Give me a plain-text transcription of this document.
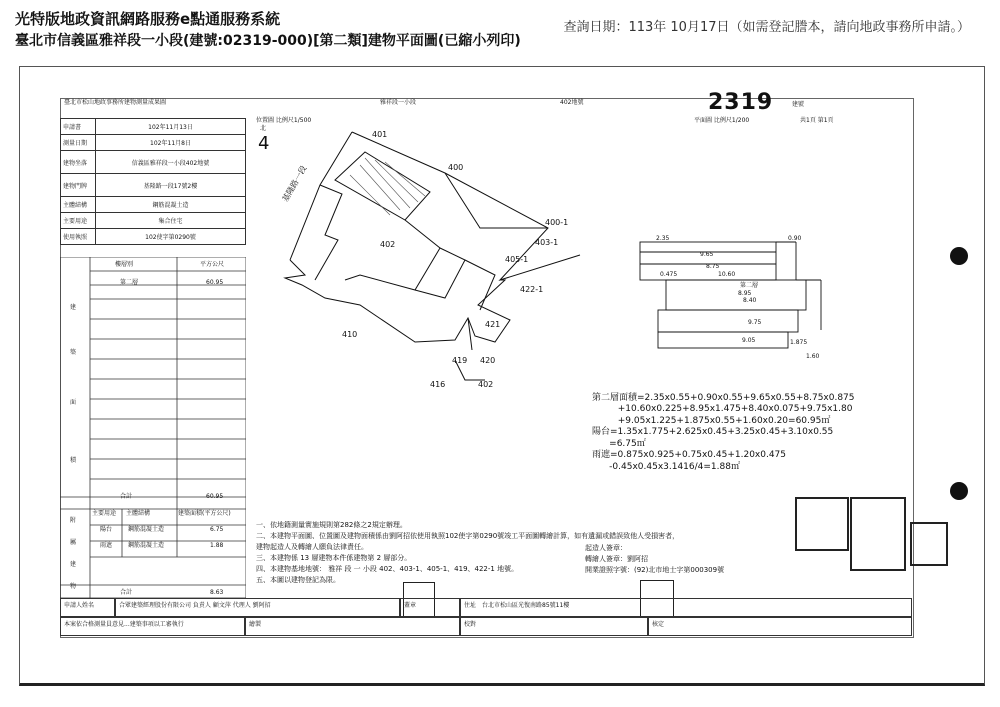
光特版地政資訊網路服務e點通服務系統
臺北市信義區雅祥段一小段(建號:02319-000)[第二類]建物平面圖(已縮小列印)
查詢日期：113年 10月17日（如需登記謄本，請向地政事務所申請。）
臺北市松山地政事務所建物測量成果圖	雅祥段一小段	402地號	2319	建號
位置圖 比例尺1/500	平面圖 比例尺1/200	共1頁 第1頁
北
4
申請書	102年11月13日
測量日期	102年11月8日
建物坐落	信義區雅祥段一小段402地號
建物門牌	基隆路一段17號2樓
主體結構	鋼筋混凝土造
主要用途	集合住宅
使用執照	102使字第0290號
樓層別	平方公尺
第二層	60.95
合計	60.95
主要用途 主體結構	建築面積(平方公尺)
陽台	鋼筋混凝土造	6.75
雨遮	鋼筋混凝土造	1.88
合計	8.63
建
築
面
積
附
屬
建
物
401
400
402
400-1
403-1
405-1
422-1
421
410
419 420
416	402
基隆路一段
2.35	0.90
9.65
8.75
0.475	10.60
第二層
8.95
8.40
9.75
9.05	1.875
1.60

第二層面積=2.35x0.55+0.90x0.55+9.65x0.55+8.75x0.875
+10.60x0.225+8.95x1.475+8.40x0.075+9.75x1.80
+9.05x1.225+1.875x0.55+1.60x0.20=60.95㎡
陽台=1.35x1.775+2.625x0.45+3.25x0.45+3.10x0.55
=6.75㎡
雨遮=0.875x0.925+0.75x0.45+1.20x0.475
-0.45x0.45x3.1416/4=1.88㎡

一、依地籍測量實施規則第282條之2規定辦理。
二、本建物平面圖、位置圖及建物面積係由劉阿招依使用執照102使字第0290號竣工平面圖轉繪計算，如有遺漏或錯誤致他人受損害者，
建物起造人及轉繪人願負法律責任。
三、本建物係 13 層建物本件係建物第 2 層部分。
四、本建物基地地號： 雅祥 段 一 小段 402、403-1、405-1、419、422-1 地號。
五、本圖以建物登記為限。
起造人簽章：
轉繪人簽章：劉阿招
開業證照字號：(92)北市地士字第000309號
申請人姓名	合眾建築經理股份有限公司 負責人 顧文萍 代理人 劉阿招	蓋章	住址　 台北市松山區光復南路85號11樓
本案依合格測量員意見...建築事項以工審執行	繪製	校對	核定
